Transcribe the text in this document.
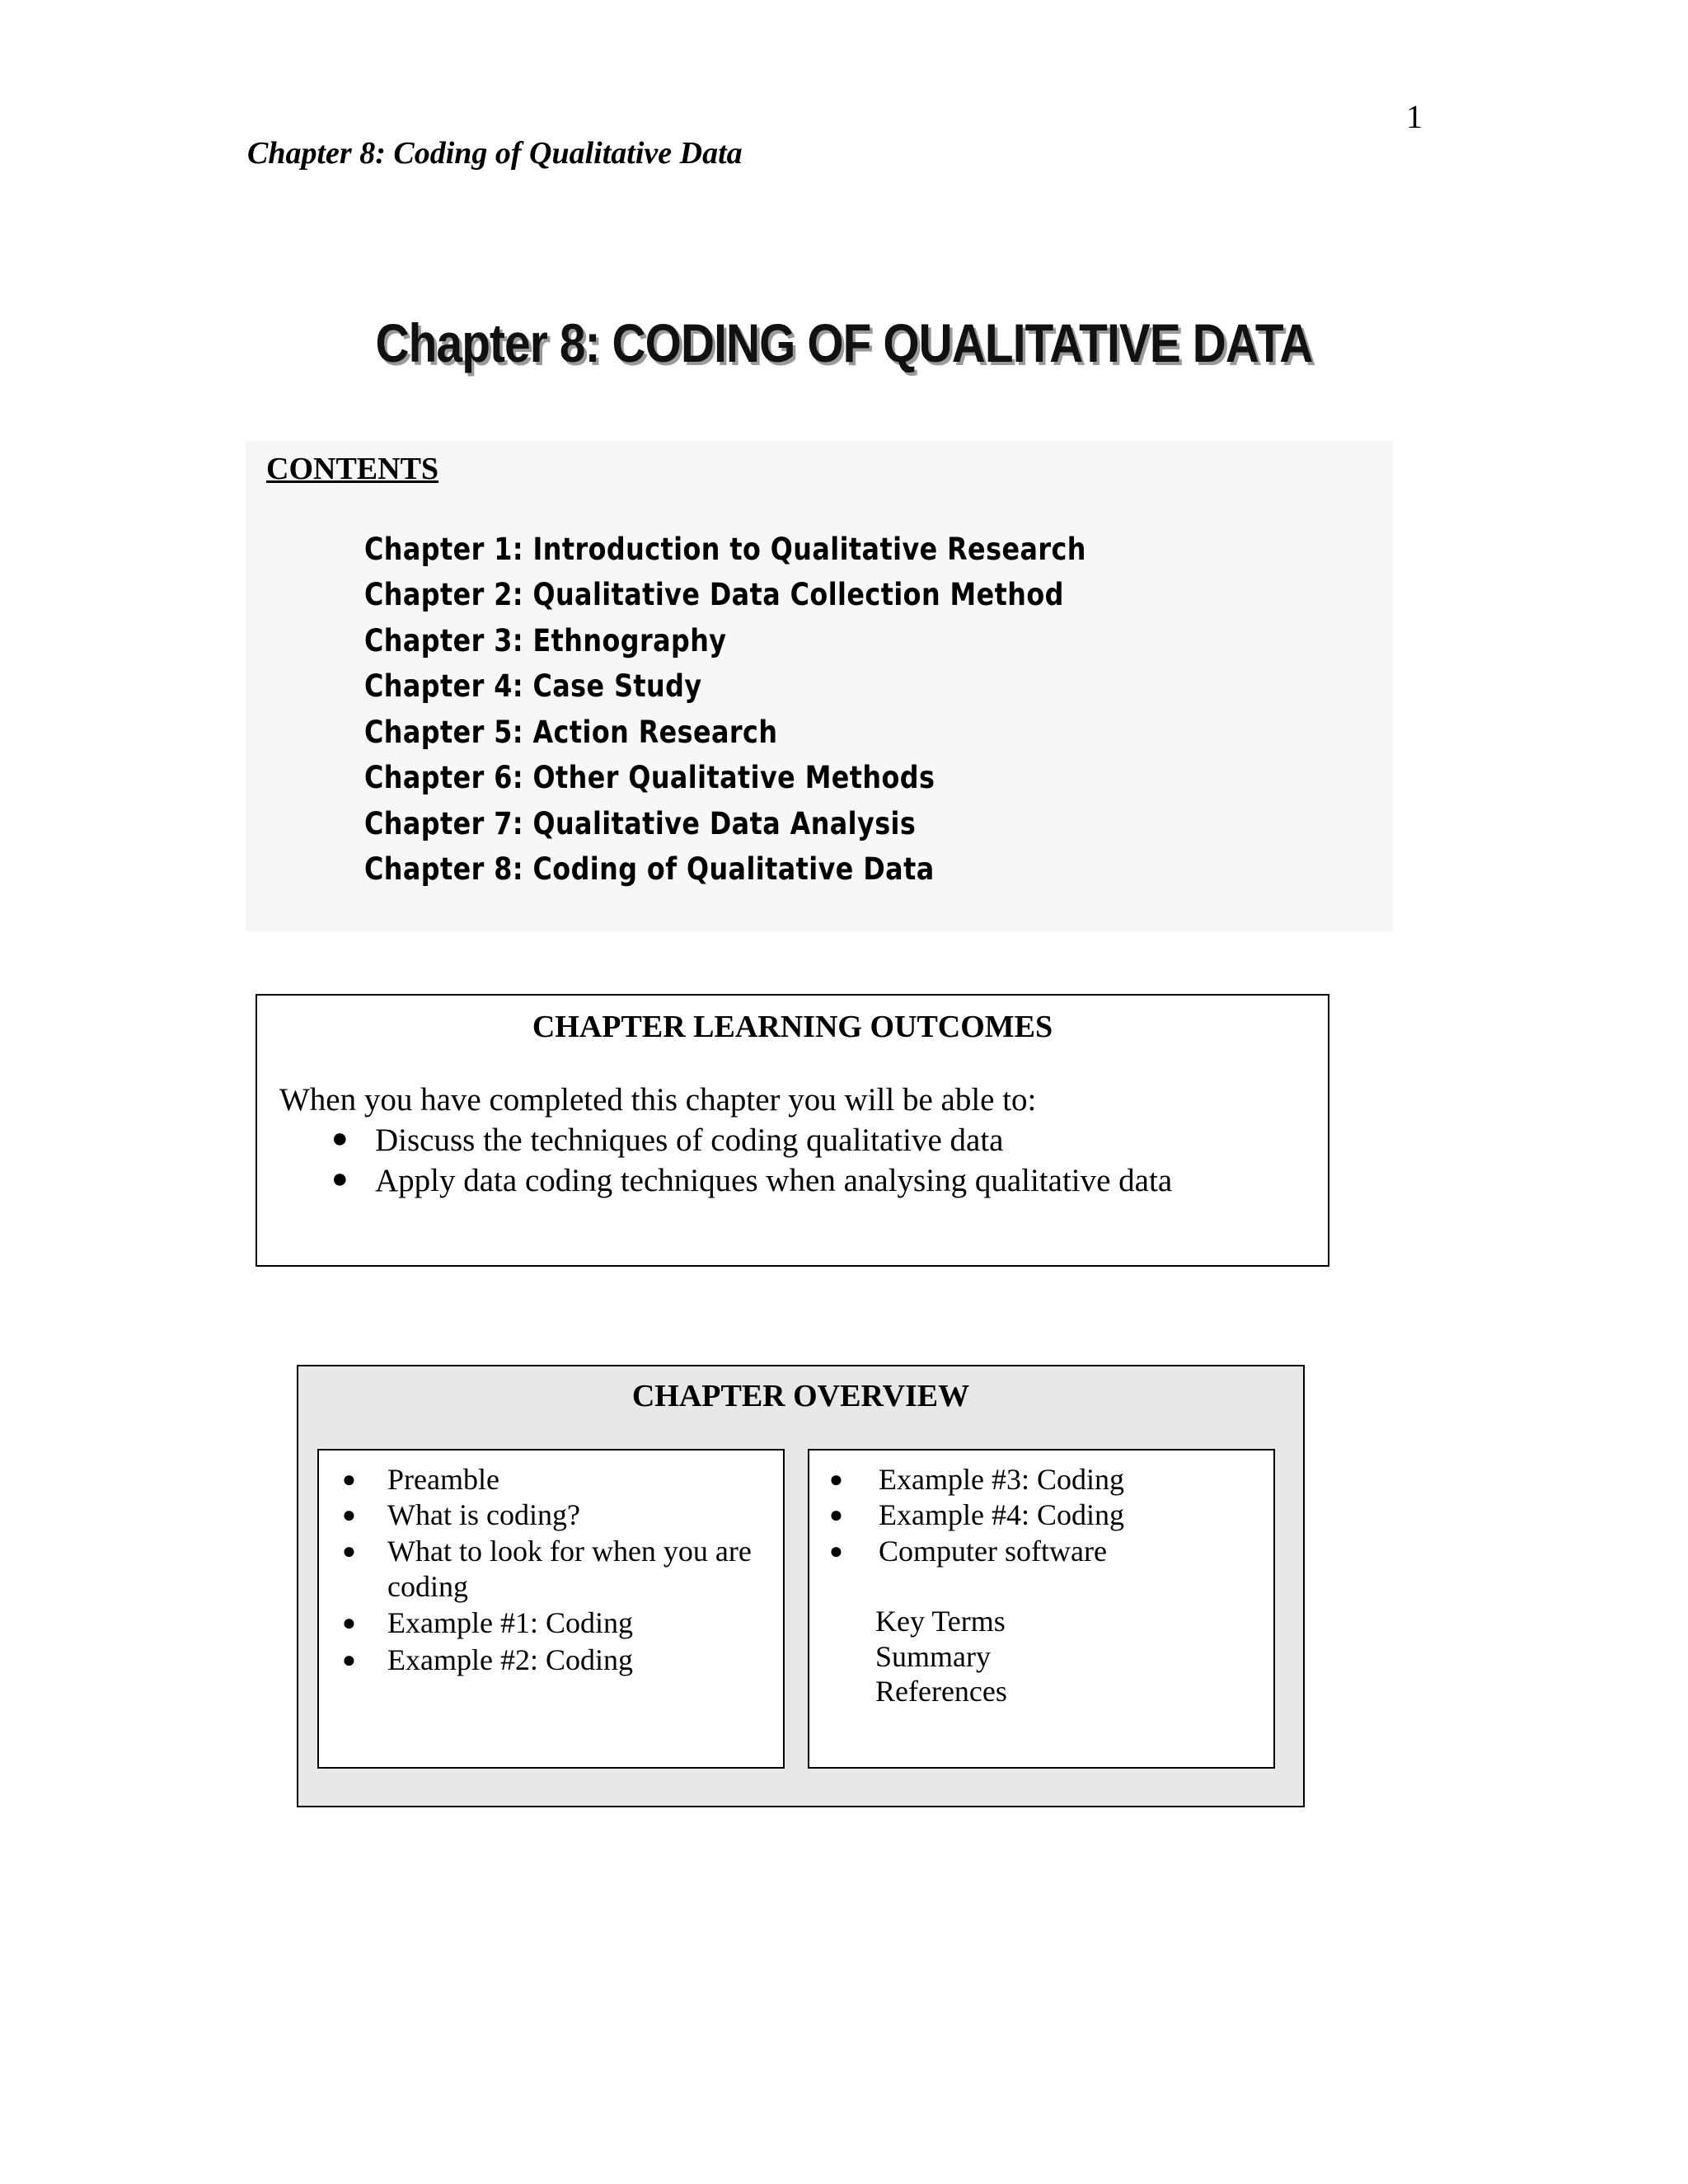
1
Chapter 8: Coding of Qualitative Data
Chapter 8: CODING OF QUALITATIVE DATA
CONTENTS
Chapter 1: Introduction to Qualitative Research
Chapter 2: Qualitative Data Collection Method
Chapter 3: Ethnography
Chapter 4: Case Study
Chapter 5: Action Research
Chapter 6: Other Qualitative Methods
Chapter 7: Qualitative Data Analysis
Chapter 8: Coding of Qualitative Data
CHAPTER LEARNING OUTCOMES
When you have completed this chapter you will be able to:
● Discuss the techniques of coding qualitative data
● Apply data coding techniques when analysing qualitative data
CHAPTER OVERVIEW
● Preamble
● What is coding?
● What to look for when you are
coding
● Example #1: Coding
● Example #2: Coding
● Example #3: Coding
● Example #4: Coding
● Computer software
Key Terms
Summary
References
